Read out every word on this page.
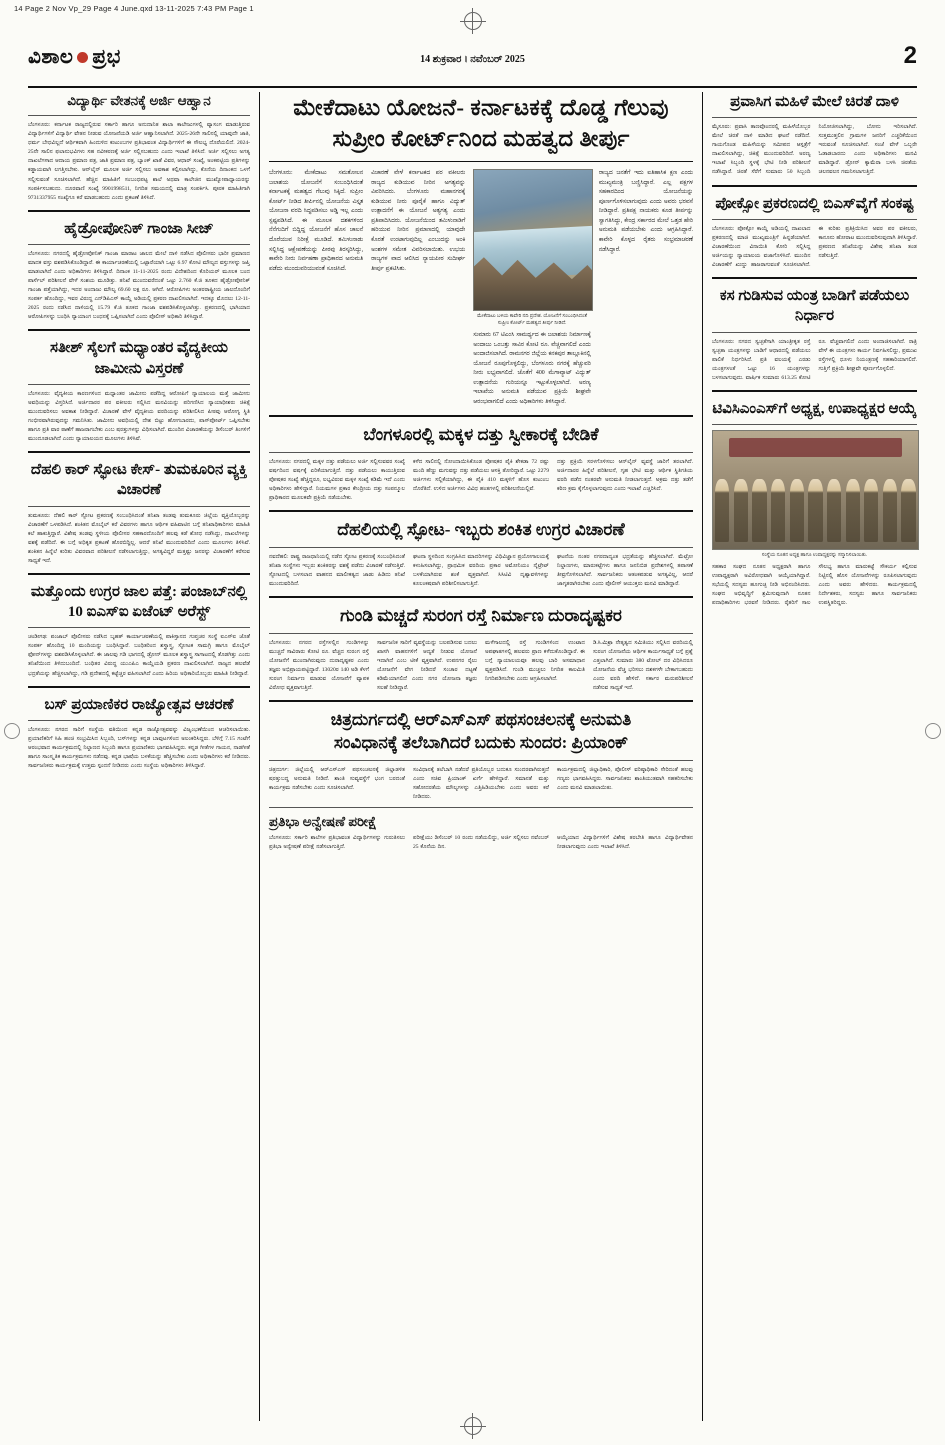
14 Page 2 Nov Vp_29 Page 4 June.qxd 13-11-2025 7:43 PM Page 1
ವಿಶಾಲ ಪ್ರಭ	14 ಶುಕ್ರವಾರ । ನವೆಂಬರ್ 2025	2
ವಿದ್ಯಾರ್ಥಿ ವೇತನಕ್ಕೆ ಅರ್ಜಿ ಆಹ್ವಾನ
ಬೆಂಗಳೂರು: ಕರ್ನಾಟಕ ರಾಜ್ಯದಲ್ಲಿರುವ ಸರ್ಕಾರಿ ಹಾಗೂ ಅನುದಾನಿತ ಶಾಲಾ ಕಾಲೇಜುಗಳಲ್ಲಿ ವ್ಯಾಸಂಗ ಮಾಡುತ್ತಿರುವ ವಿದ್ಯಾರ್ಥಿಗಳಿಗೆ ವಿದ್ಯಾರ್ಥಿ ವೇತನ ನೀಡುವ ಯೋಜನೆಯಡಿ ಅರ್ಜಿ ಆಹ್ವಾನಿಸಲಾಗಿದೆ. 2025-26ನೇ ಸಾಲಿನಲ್ಲಿ ಯಾವುದೇ ಜಾತಿ, ಧರ್ಮ ಬೇಧವಿಲ್ಲದೆ ಆರ್ಥಿಕವಾಗಿ ಹಿಂದುಳಿದ ಕುಟುಂಬಗಳ ಪ್ರತಿಭಾವಂತ ವಿದ್ಯಾರ್ಥಿಗಳಿಗೆ ಈ ಸೌಲಭ್ಯ ದೊರೆಯಲಿದೆ. 2024-25ನೇ ಸಾಲಿನ ಫಲಾನುಭವಿಗಳು ಸಹ ನವೀಕರಣಕ್ಕೆ ಅರ್ಜಿ ಸಲ್ಲಿಸಬಹುದು ಎಂದು ಇಲಾಖೆ ತಿಳಿಸಿದೆ. ಅರ್ಜಿ ಸಲ್ಲಿಸಲು ಅಗತ್ಯ ದಾಖಲೆಗಳಾದ ಆದಾಯ ಪ್ರಮಾಣ ಪತ್ರ, ಜಾತಿ ಪ್ರಮಾಣ ಪತ್ರ, ಬ್ಯಾಂಕ್ ಖಾತೆ ವಿವರ, ಆಧಾರ್ ಸಂಖ್ಯೆ, ಅಂಕಪಟ್ಟಿಯ ಪ್ರತಿಗಳನ್ನು ಕಡ್ಡಾಯವಾಗಿ ಲಗತ್ತಿಸಬೇಕು. ಆನ್‌ಲೈನ್ ಮೂಲಕ ಅರ್ಜಿ ಸಲ್ಲಿಸಲು ಅವಕಾಶ ಕಲ್ಪಿಸಲಾಗಿದ್ದು, ಕೊನೆಯ ದಿನಾಂಕದ ಒಳಗೆ ಸಲ್ಲಿಸುವಂತೆ ಸೂಚಿಸಲಾಗಿದೆ. ಹೆಚ್ಚಿನ ಮಾಹಿತಿಗೆ ಸಂಬಂಧಪಟ್ಟ ಶಾಲೆ ಅಥವಾ ಕಾಲೇಜಿನ ಮುಖ್ಯೋಪಾಧ್ಯಾಯರನ್ನು ಸಂಪರ್ಕಿಸಬಹುದು. ದೂರವಾಣಿ ಸಂಖ್ಯೆ 9901998511, ನಿಗದಿತ ಸಮಯದಲ್ಲಿ ಮಾತ್ರ ಸಂಪರ್ಕಿಸಿ. ಪೂರಕ ಮಾಹಿತಿಗಾಗಿ 9731337955 ಸಂಖ್ಯೆಗೂ ಕರೆ ಮಾಡಬಹುದು ಎಂದು ಪ್ರಕಟಣೆ ತಿಳಿಸಿದೆ.
ಹೈಡ್ರೋಪೋನಿಕ್ ಗಾಂಜಾ ಸೀಜ್
ಬೆಂಗಳೂರು: ನಗರದಲ್ಲಿ ಹೈಡ್ರೋಪೋನಿಕ್ ಗಾಂಜಾ ಮಾರಾಟ ಜಾಲದ ಮೇಲೆ ದಾಳಿ ನಡೆಸಿದ ಪೊಲೀಸರು ಭಾರೀ ಪ್ರಮಾಣದ ಮಾದಕ ವಸ್ತು ವಶಪಡಿಸಿಕೊಂಡಿದ್ದಾರೆ. ಈ ಕಾರ್ಯಾಚರಣೆಯಲ್ಲಿ ಒಟ್ಟಾರೆಯಾಗಿ ಒಟ್ಟು 6.97 ಕೋಟಿ ಮೌಲ್ಯದ ವಸ್ತುಗಳನ್ನು ಜಪ್ತಿ ಮಾಡಲಾಗಿದೆ ಎಂದು ಅಧಿಕಾರಿಗಳು ತಿಳಿಸಿದ್ದಾರೆ. ದಿನಾಂಕ 11-11-2025 ರಂದು ವಿದೇಶದಿಂದ ಕೊರಿಯರ್ ಮೂಲಕ ಬಂದ ಪಾರ್ಸೆಲ್ ಪರಿಶೀಲನೆ ವೇಳೆ ಸಂಶಯ ಮೂಡಿತ್ತು. ತನಿಖೆ ಮುಂದುವರೆದಂತೆ ಒಟ್ಟು 2.760 ಕೆ.ಜಿ ತೂಕದ ಹೈಡ್ರೋಪೋನಿಕ್ ಗಾಂಜಾ ಪತ್ತೆಯಾಗಿದ್ದು, ಇದರ ಅಂದಾಜು ಮೌಲ್ಯ 69.60 ಲಕ್ಷ ರೂ. ಆಗಿದೆ. ಆರೋಪಿಗಳು ಅಂತರರಾಷ್ಟ್ರೀಯ ಜಾಲದೊಂದಿಗೆ ಸಂಪರ್ಕ ಹೊಂದಿದ್ದು, ಇವರ ವಿರುದ್ಧ ಎನ್‌ಡಿಪಿಎಸ್ ಕಾಯ್ದೆ ಅಡಿಯಲ್ಲಿ ಪ್ರಕರಣ ದಾಖಲಿಸಲಾಗಿದೆ. ಇದಕ್ಕೂ ಮೊದಲು 12-11-2025 ರಂದು ನಡೆಸಿದ ದಾಳಿಯಲ್ಲಿ 15.79 ಕೆ.ಜಿ ತೂಕದ ಗಾಂಜಾ ವಶಪಡಿಸಿಕೊಳ್ಳಲಾಗಿತ್ತು. ಪ್ರಕರಣದಲ್ಲಿ ಭಾಗಿಯಾದ ಆರೋಪಿಗಳನ್ನು ಬಂಧಿಸಿ ನ್ಯಾಯಾಂಗ ಬಂಧನಕ್ಕೆ ಒಪ್ಪಿಸಲಾಗಿದೆ ಎಂದು ಪೊಲೀಸ್ ಅಧಿಕಾರಿ ತಿಳಿಸಿದ್ದಾರೆ.
ಸತೀಶ್ ಸೈಲಗೆ ಮಧ್ಯಾಂತರ ವೈದ್ಯಕೀಯ ಜಾಮೀನು ವಿಸ್ತರಣೆ
ಬೆಂಗಳೂರು: ವೈದ್ಯಕೀಯ ಕಾರಣಗಳಿಂದ ಮಧ್ಯಾಂತರ ಜಾಮೀನು ಪಡೆದಿದ್ದ ಆರೋಪಿಗೆ ನ್ಯಾಯಾಲಯ ಮತ್ತೆ ಜಾಮೀನು ಅವಧಿಯನ್ನು ವಿಸ್ತರಿಸಿದೆ. ಅರ್ಜಿದಾರರ ಪರ ವಕೀಲರು ಸಲ್ಲಿಸಿದ ಮನವಿಯನ್ನು ಪರಿಗಣಿಸಿದ ನ್ಯಾಯಾಧೀಶರು ಚಿಕಿತ್ಸೆ ಮುಂದುವರಿಸಲು ಅವಕಾಶ ನೀಡಿದ್ದಾರೆ. ವಿಚಾರಣೆ ವೇಳೆ ವೈದ್ಯಕೀಯ ವರದಿಯನ್ನು ಪರಿಶೀಲಿಸಿದ ಪೀಠವು ಆರೋಗ್ಯ ಸ್ಥಿತಿ ಗಂಭೀರವಾಗಿರುವುದನ್ನು ಗಮನಿಸಿತು. ಜಾಮೀನು ಅವಧಿಯಲ್ಲಿ ದೇಶ ಬಿಟ್ಟು ಹೋಗಬಾರದು, ಪಾಸ್‌ಪೋರ್ಟ್ ಒಪ್ಪಿಸಬೇಕು ಹಾಗೂ ಪ್ರತಿ ವಾರ ಠಾಣೆಗೆ ಹಾಜರಾಗಬೇಕು ಎಂಬ ಷರತ್ತುಗಳನ್ನು ವಿಧಿಸಲಾಗಿದೆ. ಮುಂದಿನ ವಿಚಾರಣೆಯನ್ನು ಡಿಸೆಂಬರ್ ತಿಂಗಳಿಗೆ ಮುಂದೂಡಲಾಗಿದೆ ಎಂದು ನ್ಯಾಯಾಲಯದ ಮೂಲಗಳು ತಿಳಿಸಿವೆ.
ದೆಹಲಿ ಕಾರ್ ಸ್ಫೋಟ ಕೇಸ್- ತುಮಕೂರಿನ ವ್ಯಕ್ತಿ ವಿಚಾರಣೆ
ತುಮಕೂರು: ದೆಹಲಿ ಕಾರ್ ಸ್ಫೋಟ ಪ್ರಕರಣಕ್ಕೆ ಸಂಬಂಧಿಸಿದಂತೆ ತನಿಖಾ ತಂಡವು ತುಮಕೂರು ಜಿಲ್ಲೆಯ ವ್ಯಕ್ತಿಯೊಬ್ಬರನ್ನು ವಿಚಾರಣೆಗೆ ಒಳಪಡಿಸಿದೆ. ಶಂಕಿತನ ಮೊಬೈಲ್ ಕರೆ ವಿವರಗಳು ಹಾಗೂ ಆರ್ಥಿಕ ವಹಿವಾಟಿನ ಬಗ್ಗೆ ತನಿಖಾಧಿಕಾರಿಗಳು ಮಾಹಿತಿ ಕಲೆ ಹಾಕುತ್ತಿದ್ದಾರೆ. ವಿಶೇಷ ತಂಡವು ಸ್ಥಳೀಯ ಪೊಲೀಸರ ಸಹಕಾರದೊಂದಿಗೆ ಹಲವು ಕಡೆ ಶೋಧ ನಡೆಸಿದ್ದು, ದಾಖಲೆಗಳನ್ನು ವಶಕ್ಕೆ ಪಡೆದಿದೆ. ಈ ಬಗ್ಗೆ ಅಧಿಕೃತ ಪ್ರಕಟಣೆ ಹೊರಬಿದ್ದಿಲ್ಲ. ಆದರೆ ತನಿಖೆ ಮುಂದುವರಿದಿದೆ ಎಂದು ಮೂಲಗಳು ತಿಳಿಸಿವೆ. ಶಂಕಿತನ ಹಿನ್ನೆಲೆ ಕುರಿತು ವಿವರವಾದ ಪರಿಶೀಲನೆ ನಡೆಸಲಾಗುತ್ತಿದ್ದು, ಅಗತ್ಯವಿದ್ದರೆ ಮತ್ತಷ್ಟು ಜನರನ್ನು ವಿಚಾರಣೆಗೆ ಕರೆಸುವ ಸಾಧ್ಯತೆ ಇದೆ.
ಮತ್ತೊಂದು ಉಗ್ರರ ಜಾಲ ಪತ್ತೆ: ಪಂಜಾಬ್‌ನಲ್ಲಿ 10 ಐಎಸ್‌ಐ ಏಜೆಂಟ್ ಅರೆಸ್ಟ್
ಚಂಡೀಗಢ: ಪಂಜಾಬ್ ಪೊಲೀಸರು ನಡೆಸಿದ ಬೃಹತ್ ಕಾರ್ಯಾಚರಣೆಯಲ್ಲಿ ಪಾಕಿಸ್ತಾನದ ಗುಪ್ತಚರ ಸಂಸ್ಥೆ ಐಎಸ್‌ಐ ಜೊತೆ ಸಂಪರ್ಕ ಹೊಂದಿದ್ದ 10 ಮಂದಿಯನ್ನು ಬಂಧಿಸಿದ್ದಾರೆ. ಬಂಧಿತರಿಂದ ಶಸ್ತ್ರಾಸ್ತ್ರ, ಸ್ಫೋಟಕ ಸಾಮಗ್ರಿ ಹಾಗೂ ಮೊಬೈಲ್ ಫೋನ್‌ಗಳನ್ನು ವಶಪಡಿಸಿಕೊಳ್ಳಲಾಗಿದೆ. ಈ ಜಾಲವು ಗಡಿ ಭಾಗದಲ್ಲಿ ಡ್ರೋನ್ ಮೂಲಕ ಶಸ್ತ್ರಾಸ್ತ್ರ ಸಾಗಾಟದಲ್ಲಿ ತೊಡಗಿತ್ತು ಎಂದು ತನಿಖೆಯಿಂದ ತಿಳಿದುಬಂದಿದೆ. ಬಂಧಿತರ ವಿರುದ್ಧ ಯುಎಪಿಎ ಕಾಯ್ದೆಯಡಿ ಪ್ರಕರಣ ದಾಖಲಿಸಲಾಗಿದೆ. ರಾಜ್ಯದ ಹಲವೆಡೆ ಭದ್ರತೆಯನ್ನು ಹೆಚ್ಚಿಸಲಾಗಿದ್ದು, ಗಡಿ ಪ್ರದೇಶದಲ್ಲಿ ಕಟ್ಟೆಚ್ಚರ ವಹಿಸಲಾಗಿದೆ ಎಂದು ಹಿರಿಯ ಅಧಿಕಾರಿಯೊಬ್ಬರು ಮಾಹಿತಿ ನೀಡಿದ್ದಾರೆ.
ಬಸ್ ಪ್ರಯಾಣಿಕರ ರಾಜ್ಯೋತ್ಸವ ಆಚರಣೆ
ಬೆಂಗಳೂರು: ನಗರದ ಸಾರಿಗೆ ಸಂಸ್ಥೆಯ ವತಿಯಿಂದ ಕನ್ನಡ ರಾಜ್ಯೋತ್ಸವವನ್ನು ವಿಜೃಂಭಣೆಯಿಂದ ಆಚರಿಸಲಾಯಿತು. ಪ್ರಯಾಣಿಕರಿಗೆ ಸಿಹಿ ಹಂಚಿ ಸಂಭ್ರಮಿಸಿದ ಸಿಬ್ಬಂದಿ, ಬಸ್‌ಗಳನ್ನು ಕನ್ನಡ ಬಾವುಟಗಳಿಂದ ಅಲಂಕರಿಸಿದ್ದರು. ಬೆಳಿಗ್ಗೆ 7.15 ಗಂಟೆಗೆ ಆರಂಭವಾದ ಕಾರ್ಯಕ್ರಮದಲ್ಲಿ ನಿಲ್ದಾಣದ ಸಿಬ್ಬಂದಿ ಹಾಗೂ ಪ್ರಯಾಣಿಕರು ಭಾಗವಹಿಸಿದ್ದರು. ಕನ್ನಡ ಗೀತೆಗಳ ಗಾಯನ, ನಾಡಗೀತೆ ಹಾಗೂ ಸಾಂಸ್ಕೃತಿಕ ಕಾರ್ಯಕ್ರಮಗಳು ನಡೆದವು. ಕನ್ನಡ ಭಾಷೆಯ ಬಳಕೆಯನ್ನು ಹೆಚ್ಚಿಸಬೇಕು ಎಂದು ಅಧಿಕಾರಿಗಳು ಕರೆ ನೀಡಿದರು. ಸಾರ್ವಜನಿಕರು ಕಾರ್ಯಕ್ರಮಕ್ಕೆ ಉತ್ತಮ ಸ್ಪಂದನೆ ನೀಡಿದರು ಎಂದು ಸಂಸ್ಥೆಯ ಅಧಿಕಾರಿಗಳು ತಿಳಿಸಿದ್ದಾರೆ.
ಮೇಕೆದಾಟು ಯೋಜನೆ- ಕರ್ನಾಟಕಕ್ಕೆ ದೊಡ್ಡ ಗೆಲುವು
ಸುಪ್ರೀಂ ಕೋರ್ಟ್‌ನಿಂದ ಮಹತ್ವದ ತೀರ್ಪು
ಬೆಂಗಳೂರು: ಮೇಕೆದಾಟು ಸಮತೋಲನ ಜಲಾಶಯ ಯೋಜನೆಗೆ ಸಂಬಂಧಿಸಿದಂತೆ ಕರ್ನಾಟಕಕ್ಕೆ ಮಹತ್ವದ ಗೆಲುವು ಸಿಕ್ಕಿದೆ. ಸುಪ್ರೀಂ ಕೋರ್ಟ್ ನೀಡಿದ ತೀರ್ಪಿನಲ್ಲಿ ಯೋಜನೆಯ ವಿಸ್ತೃತ ಯೋಜನಾ ವರದಿ ಸಿದ್ಧಪಡಿಸಲು ಅಡ್ಡಿ ಇಲ್ಲ ಎಂದು ಸ್ಪಷ್ಟಪಡಿಸಿದೆ. ಈ ಮೂಲಕ ದಶಕಗಳಿಂದ ನೆನೆಗುದಿಗೆ ಬಿದ್ದಿದ್ದ ಯೋಜನೆಗೆ ಹೊಸ ಚಾಲನೆ ದೊರೆಯುವ ನಿರೀಕ್ಷೆ ಮೂಡಿದೆ. ತಮಿಳುನಾಡು ಸಲ್ಲಿಸಿದ್ದ ಆಕ್ಷೇಪಣೆಯನ್ನು ಪೀಠವು ತಿರಸ್ಕರಿಸಿದ್ದು, ಕಾವೇರಿ ನೀರು ನಿರ್ವಹಣಾ ಪ್ರಾಧಿಕಾರದ ಅನುಮತಿ ಪಡೆದು ಮುಂದುವರಿಯುವಂತೆ ಸೂಚಿಸಿದೆ.
ವಿಚಾರಣೆ ವೇಳೆ ಕರ್ನಾಟಕದ ಪರ ವಕೀಲರು ರಾಜ್ಯದ ಕುಡಿಯುವ ನೀರಿನ ಅಗತ್ಯವನ್ನು ವಿವರಿಸಿದರು. ಬೆಂಗಳೂರು ಮಹಾನಗರಕ್ಕೆ ಕುಡಿಯುವ ನೀರು ಪೂರೈಕೆ ಹಾಗೂ ವಿದ್ಯುತ್ ಉತ್ಪಾದನೆಗೆ ಈ ಯೋಜನೆ ಅತ್ಯಗತ್ಯ ಎಂದು ಪ್ರತಿಪಾದಿಸಿದರು. ಯೋಜನೆಯಿಂದ ತಮಿಳುನಾಡಿಗೆ ಹರಿಯುವ ನೀರಿನ ಪ್ರಮಾಣದಲ್ಲಿ ಯಾವುದೇ ಕೊರತೆ ಉಂಟಾಗುವುದಿಲ್ಲ ಎಂಬುದನ್ನು ಅಂಕಿ ಅಂಶಗಳ ಸಮೇತ ವಿವರಿಸಲಾಯಿತು. ಉಭಯ ರಾಜ್ಯಗಳ ವಾದ ಆಲಿಸಿದ ನ್ಯಾಯಪೀಠ ಸುದೀರ್ಘ ತೀರ್ಪು ಪ್ರಕಟಿಸಿತು.
ಮೇಕೆದಾಟು ಬಳಿಯ ಕಾವೇರಿ ನದಿ ಪ್ರದೇಶ. ಯೋಜನೆಗೆ ಸಂಬಂಧಿಸಿದಂತೆ ಸುಪ್ರೀಂ ಕೋರ್ಟ್ ಮಹತ್ವದ ತೀರ್ಪು ನೀಡಿದೆ.
ಸುಮಾರು 67 ಟಿಎಂಸಿ ಸಾಮರ್ಥ್ಯದ ಈ ಜಲಾಶಯ ನಿರ್ಮಾಣಕ್ಕೆ ಅಂದಾಜು ಒಂಬತ್ತು ಸಾವಿರ ಕೋಟಿ ರೂ. ವೆಚ್ಚವಾಗಲಿದೆ ಎಂದು ಅಂದಾಜಿಸಲಾಗಿದೆ. ರಾಮನಗರ ಜಿಲ್ಲೆಯ ಕನಕಪುರ ತಾಲ್ಲೂಕಿನಲ್ಲಿ ಯೋಜನೆ ರೂಪುಗೊಳ್ಳಲಿದ್ದು, ಬೆಂಗಳೂರು ನಗರಕ್ಕೆ ಹೆಚ್ಚುವರಿ ನೀರು ಲಭ್ಯವಾಗಲಿದೆ. ಜೊತೆಗೆ 400 ಮೆಗಾವ್ಯಾಟ್ ವಿದ್ಯುತ್ ಉತ್ಪಾದನೆಯ ಗುರಿಯನ್ನೂ ಇಟ್ಟುಕೊಳ್ಳಲಾಗಿದೆ. ಅರಣ್ಯ ಇಲಾಖೆಯ ಅನುಮತಿ ಪಡೆಯುವ ಪ್ರಕ್ರಿಯೆ ಶೀಘ್ರವೇ ಆರಂಭವಾಗಲಿದೆ ಎಂದು ಅಧಿಕಾರಿಗಳು ತಿಳಿಸಿದ್ದಾರೆ.
ರಾಜ್ಯದ ಜನತೆಗೆ ಇದು ಐತಿಹಾಸಿಕ ಕ್ಷಣ ಎಂದು ಮುಖ್ಯಮಂತ್ರಿ ಬಣ್ಣಿಸಿದ್ದಾರೆ. ಎಲ್ಲ ಪಕ್ಷಗಳ ಸಹಕಾರದಿಂದ ಯೋಜನೆಯನ್ನು ಪೂರ್ಣಗೊಳಿಸಲಾಗುವುದು ಎಂದು ಅವರು ಭರವಸೆ ನೀಡಿದ್ದಾರೆ. ಪ್ರತಿಪಕ್ಷ ನಾಯಕರು ಕೂಡ ತೀರ್ಪನ್ನು ಸ್ವಾಗತಿಸಿದ್ದು, ಕೇಂದ್ರ ಸರ್ಕಾರದ ಮೇಲೆ ಒತ್ತಡ ಹೇರಿ ಅನುಮತಿ ಪಡೆಯಬೇಕು ಎಂದು ಆಗ್ರಹಿಸಿದ್ದಾರೆ. ಕಾವೇರಿ ಕೊಳ್ಳದ ರೈತರು ಸಂಭ್ರಮಾಚರಣೆ ನಡೆಸಿದ್ದಾರೆ.
ಬೆಂಗಳೂರಲ್ಲಿ ಮಕ್ಕಳ ದತ್ತು ಸ್ವೀಕಾರಕ್ಕೆ ಬೇಡಿಕೆ
ಬೆಂಗಳೂರು: ನಗರದಲ್ಲಿ ಮಕ್ಕಳ ದತ್ತು ಪಡೆಯಲು ಅರ್ಜಿ ಸಲ್ಲಿಸುವವರ ಸಂಖ್ಯೆ ವರ್ಷದಿಂದ ವರ್ಷಕ್ಕೆ ಏರಿಕೆಯಾಗುತ್ತಿದೆ. ದತ್ತು ಪಡೆಯಲು ಕಾಯುತ್ತಿರುವ ಪೋಷಕರ ಸಂಖ್ಯೆ ಹೆಚ್ಚಿದ್ದರೂ, ಲಭ್ಯವಿರುವ ಮಕ್ಕಳ ಸಂಖ್ಯೆ ಕಡಿಮೆ ಇದೆ ಎಂದು ಅಧಿಕಾರಿಗಳು ಹೇಳಿದ್ದಾರೆ. ನಿಯಮಗಳ ಪ್ರಕಾರ ಕೇಂದ್ರೀಯ ದತ್ತು ಸಂಪನ್ಮೂಲ ಪ್ರಾಧಿಕಾರದ ಮೂಲಕವೇ ಪ್ರಕ್ರಿಯೆ ನಡೆಯಬೇಕು.
ಕಳೆದ ಸಾಲಿನಲ್ಲಿ ನೋಂದಾಯಿಸಿಕೊಂಡ ಪೋಷಕರ ಪೈಕಿ ಶೇಕಡಾ 72 ರಷ್ಟು ಮಂದಿ ಹೆಣ್ಣು ಮಗುವನ್ನು ದತ್ತು ಪಡೆಯಲು ಆಸಕ್ತಿ ತೋರಿದ್ದಾರೆ. ಒಟ್ಟು 2279 ಅರ್ಜಿಗಳು ಸಲ್ಲಿಕೆಯಾಗಿದ್ದು, ಈ ಪೈಕಿ 410 ಮಕ್ಕಳಿಗೆ ಹೊಸ ಕುಟುಂಬ ದೊರೆತಿದೆ. ಉಳಿದ ಅರ್ಜಿಗಳು ವಿವಿಧ ಹಂತಗಳಲ್ಲಿ ಪರಿಶೀಲನೆಯಲ್ಲಿವೆ.
ದತ್ತು ಪ್ರಕ್ರಿಯೆ ಸರಳಗೊಳಿಸಲು ಆನ್‌ಲೈನ್ ವ್ಯವಸ್ಥೆ ಜಾರಿಗೆ ತರಲಾಗಿದೆ. ಅರ್ಜಿದಾರರ ಹಿನ್ನೆಲೆ ಪರಿಶೀಲನೆ, ಗೃಹ ಭೇಟಿ ಮತ್ತು ಆರ್ಥಿಕ ಸ್ಥಿತಿಗತಿಯ ವರದಿ ಪಡೆದ ನಂತರವೇ ಅನುಮತಿ ನೀಡಲಾಗುತ್ತದೆ. ಅಕ್ರಮ ದತ್ತು ತಡೆಗೆ ಕಠಿಣ ಕ್ರಮ ಕೈಗೊಳ್ಳಲಾಗುವುದು ಎಂದು ಇಲಾಖೆ ಎಚ್ಚರಿಸಿದೆ.
ದೆಹಲಿಯಲ್ಲಿ ಸ್ಫೋಟ- ಇಬ್ಬರು ಶಂಕಿತ ಉಗ್ರರ ವಿಚಾರಣೆ
ನವದೆಹಲಿ: ರಾಷ್ಟ್ರ ರಾಜಧಾನಿಯಲ್ಲಿ ನಡೆದ ಸ್ಫೋಟ ಪ್ರಕರಣಕ್ಕೆ ಸಂಬಂಧಿಸಿದಂತೆ ತನಿಖಾ ಸಂಸ್ಥೆಗಳು ಇಬ್ಬರು ಶಂಕಿತರನ್ನು ವಶಕ್ಕೆ ಪಡೆದು ವಿಚಾರಣೆ ನಡೆಸುತ್ತಿವೆ. ಸ್ಫೋಟದಲ್ಲಿ ಬಳಸಲಾದ ವಾಹನದ ಮಾಲೀಕತ್ವದ ಜಾಡು ಹಿಡಿದು ತನಿಖೆ ಮುಂದುವರಿದಿದೆ.
ಘಟನಾ ಸ್ಥಳದಿಂದ ಸಂಗ್ರಹಿಸಿದ ಮಾದರಿಗಳನ್ನು ವಿಧಿವಿಜ್ಞಾನ ಪ್ರಯೋಗಾಲಯಕ್ಕೆ ಕಳುಹಿಸಲಾಗಿದ್ದು, ಪ್ರಾಥಮಿಕ ವರದಿಯ ಪ್ರಕಾರ ಅಮೋನಿಯಂ ನೈಟ್ರೇಟ್ ಬಳಕೆಯಾಗಿರುವ ಶಂಕೆ ವ್ಯಕ್ತವಾಗಿದೆ. ಸಿಸಿಟಿವಿ ದೃಶ್ಯಾವಳಿಗಳನ್ನು ಕೂಲಂಕಷವಾಗಿ ಪರಿಶೀಲಿಸಲಾಗುತ್ತಿದೆ.
ಘಟನೆಯ ನಂತರ ನಗರದಾದ್ಯಂತ ಭದ್ರತೆಯನ್ನು ಹೆಚ್ಚಿಸಲಾಗಿದೆ. ಮೆಟ್ರೋ ನಿಲ್ದಾಣಗಳು, ಮಾರುಕಟ್ಟೆಗಳು ಹಾಗೂ ಜನನಿಬಿಡ ಪ್ರದೇಶಗಳಲ್ಲಿ ತಪಾಸಣೆ ತೀವ್ರಗೊಳಿಸಲಾಗಿದೆ. ಸಾರ್ವಜನಿಕರು ಆತಂಕಪಡುವ ಅಗತ್ಯವಿಲ್ಲ, ಆದರೆ ಜಾಗೃತರಾಗಿರಬೇಕು ಎಂದು ಪೊಲೀಸ್ ಆಯುಕ್ತರು ಮನವಿ ಮಾಡಿದ್ದಾರೆ.
ಗುಂಡಿ ಮಚ್ಚದೆ ಸುರಂಗ ರಸ್ತೆ ನಿರ್ಮಾಣ ದುರಾದೃಷ್ಟಕರ
ಬೆಂಗಳೂರು: ನಗರದ ರಸ್ತೆಗಳಲ್ಲಿನ ಗುಂಡಿಗಳನ್ನು ಮುಚ್ಚದೆ ಸಾವಿರಾರು ಕೋಟಿ ರೂ. ವೆಚ್ಚದ ಸುರಂಗ ರಸ್ತೆ ಯೋಜನೆಗೆ ಮುಂದಾಗಿರುವುದು ದುರಾದೃಷ್ಟಕರ ಎಂದು ತಜ್ಞರು ಅಭಿಪ್ರಾಯಪಟ್ಟಿದ್ದಾರೆ. 13020ರ 140 ಅಡಿ ಕೆಳಗೆ ಸುರಂಗ ನಿರ್ಮಾಣ ಮಾಡುವ ಯೋಜನೆಗೆ ವ್ಯಾಪಕ ವಿರೋಧ ವ್ಯಕ್ತವಾಗುತ್ತಿದೆ.
ಸಾರ್ವಜನಿಕ ಸಾರಿಗೆ ವ್ಯವಸ್ಥೆಯನ್ನು ಬಲಪಡಿಸುವ ಬದಲು ಖಾಸಗಿ ವಾಹನಗಳಿಗೆ ಆದ್ಯತೆ ನೀಡುವ ಯೋಜನೆ ಇದಾಗಿದೆ ಎಂಬ ಟೀಕೆ ವ್ಯಕ್ತವಾಗಿದೆ. ಉಪನಗರ ರೈಲು ಯೋಜನೆಗೆ ವೇಗ ನೀಡಿದರೆ ಸಂಚಾರ ದಟ್ಟಣೆ ಕಡಿಮೆಯಾಗಲಿದೆ ಎಂದು ನಗರ ಯೋಜನಾ ತಜ್ಞರು ಸಲಹೆ ನೀಡಿದ್ದಾರೆ.
ಮಳೆಗಾಲದಲ್ಲಿ ರಸ್ತೆ ಗುಂಡಿಗಳಿಂದ ಉಂಟಾದ ಅಪಘಾತಗಳಲ್ಲಿ ಹಲವರು ಪ್ರಾಣ ಕಳೆದುಕೊಂಡಿದ್ದಾರೆ. ಈ ಬಗ್ಗೆ ನ್ಯಾಯಾಲಯವೂ ಹಲವು ಬಾರಿ ಅಸಮಾಧಾನ ವ್ಯಕ್ತಪಡಿಸಿದೆ. ಗುಂಡಿ ಮುಚ್ಚಲು ನಿಗದಿತ ಕಾಲಮಿತಿ ನಿಗದಿಪಡಿಸಬೇಕು ಎಂದು ಆಗ್ರಹಿಸಲಾಗಿದೆ.
ಡಿ.ಸಿ.ಮಿಶ್ರಾ ನೇತೃತ್ವದ ಸಮಿತಿಯು ಸಲ್ಲಿಸಿದ ವರದಿಯಲ್ಲಿ ಸುರಂಗ ಯೋಜನೆಯ ಆರ್ಥಿಕ ಕಾರ್ಯಸಾಧ್ಯತೆ ಬಗ್ಗೆ ಪ್ರಶ್ನೆ ಎತ್ತಲಾಗಿದೆ. ಸುಮಾರು 380 ಟೋಲ್ ದರ ವಿಧಿಸಿದರೂ ಯೋಜನೆಯ ವೆಚ್ಚ ಭರಿಸಲು ದಶಕಗಳೇ ಬೇಕಾಗಬಹುದು ಎಂದು ವರದಿ ಹೇಳಿದೆ. ಸರ್ಕಾರ ಮರುಪರಿಶೀಲನೆ ನಡೆಸುವ ಸಾಧ್ಯತೆ ಇದೆ.
ಚಿತ್ರದುರ್ಗದಲ್ಲಿ ಆರ್‌ಎಸ್‌ಎಸ್ ಪಥಸಂಚಲನಕ್ಕೆ ಅನುಮತಿ
ಸಂವಿಧಾನಕ್ಕೆ ತಲೆಬಾಗಿದರೆ ಬದುಕು ಸುಂದರ: ಪ್ರಿಯಾಂಕ್
ಚಿತ್ರದುರ್ಗ: ಜಿಲ್ಲೆಯಲ್ಲಿ ಆರ್‌ಎಸ್‌ಎಸ್ ಪಥಸಂಚಲನಕ್ಕೆ ಜಿಲ್ಲಾಡಳಿತ ಷರತ್ತುಬದ್ಧ ಅನುಮತಿ ನೀಡಿದೆ. ಶಾಂತಿ ಸುವ್ಯವಸ್ಥೆಗೆ ಭಂಗ ಬರದಂತೆ ಕಾರ್ಯಕ್ರಮ ನಡೆಸಬೇಕು ಎಂದು ಸೂಚಿಸಲಾಗಿದೆ.
ಸಂವಿಧಾನಕ್ಕೆ ತಲೆಬಾಗಿ ನಡೆದರೆ ಪ್ರತಿಯೊಬ್ಬರ ಬದುಕೂ ಸುಂದರವಾಗಿರುತ್ತದೆ ಎಂದು ಸಚಿವ ಪ್ರಿಯಾಂಕ್ ಖರ್ಗೆ ಹೇಳಿದ್ದಾರೆ. ಸಮಾನತೆ ಮತ್ತು ಸಹೋದರತೆಯ ಮೌಲ್ಯಗಳನ್ನು ಎತ್ತಿಹಿಡಿಯಬೇಕು ಎಂದು ಅವರು ಕರೆ ನೀಡಿದರು.
ಕಾರ್ಯಕ್ರಮದಲ್ಲಿ ಜಿಲ್ಲಾಧಿಕಾರಿ, ಪೊಲೀಸ್ ವರಿಷ್ಠಾಧಿಕಾರಿ ಸೇರಿದಂತೆ ಹಲವು ಗಣ್ಯರು ಭಾಗವಹಿಸಿದ್ದರು. ಸಾರ್ವಜನಿಕರು ಶಾಂತಿಯುತವಾಗಿ ಸಹಕರಿಸಬೇಕು ಎಂದು ಮನವಿ ಮಾಡಲಾಯಿತು.
ಪ್ರತಿಭಾ ಅನ್ವೇಷಣೆ ಪರೀಕ್ಷೆ
ಬೆಂಗಳೂರು: ಸರ್ಕಾರಿ ಶಾಲೆಗಳ ಪ್ರತಿಭಾವಂತ ವಿದ್ಯಾರ್ಥಿಗಳನ್ನು ಗುರುತಿಸಲು ಪ್ರತಿಭಾ ಅನ್ವೇಷಣೆ ಪರೀಕ್ಷೆ ನಡೆಸಲಾಗುತ್ತಿದೆ.
ಪರೀಕ್ಷೆಯು ಡಿಸೆಂಬರ್ 10 ರಂದು ನಡೆಯಲಿದ್ದು, ಅರ್ಜಿ ಸಲ್ಲಿಸಲು ನವೆಂಬರ್ 25 ಕೊನೆಯ ದಿನ.
ಆಯ್ಕೆಯಾದ ವಿದ್ಯಾರ್ಥಿಗಳಿಗೆ ವಿಶೇಷ ತರಬೇತಿ ಹಾಗೂ ವಿದ್ಯಾರ್ಥಿವೇತನ ನೀಡಲಾಗುವುದು ಎಂದು ಇಲಾಖೆ ತಿಳಿಸಿದೆ.
ಪ್ರವಾಸಿಗ ಮಹಿಳೆ ಮೇಲೆ ಚಿರತೆ ದಾಳಿ
ಮೈಸೂರು: ಪ್ರವಾಸಿ ತಾಣವೊಂದರಲ್ಲಿ ಮಹಿಳೆಯೊಬ್ಬರ ಮೇಲೆ ಚಿರತೆ ದಾಳಿ ಮಾಡಿದ ಘಟನೆ ನಡೆದಿದೆ. ಗಾಯಗೊಂಡ ಮಹಿಳೆಯನ್ನು ಸಮೀಪದ ಆಸ್ಪತ್ರೆಗೆ ದಾಖಲಿಸಲಾಗಿದ್ದು, ಚಿಕಿತ್ಸೆ ಮುಂದುವರಿದಿದೆ. ಅರಣ್ಯ ಇಲಾಖೆ ಸಿಬ್ಬಂದಿ ಸ್ಥಳಕ್ಕೆ ಭೇಟಿ ನೀಡಿ ಪರಿಶೀಲನೆ ನಡೆಸಿದ್ದಾರೆ. ಚಿರತೆ ಸೆರೆಗೆ ಸುಮಾರು 50 ಸಿಬ್ಬಂದಿ ನಿಯೋಜಿಸಲಾಗಿದ್ದು, ಬೋನು ಇರಿಸಲಾಗಿದೆ. ಸುತ್ತಮುತ್ತಲಿನ ಗ್ರಾಮಗಳ ಜನರಿಗೆ ಎಚ್ಚರಿಕೆಯಿಂದ ಇರುವಂತೆ ಸೂಚಿಸಲಾಗಿದೆ. ಸಂಜೆ ವೇಳೆ ಒಬ್ಬರೇ ಓಡಾಡಬಾರದು ಎಂದು ಅಧಿಕಾರಿಗಳು ಮನವಿ ಮಾಡಿದ್ದಾರೆ. ಡ್ರೋನ್ ಕ್ಯಾಮೆರಾ ಬಳಸಿ ಚಿರತೆಯ ಚಲನವಲನ ಗಮನಿಸಲಾಗುತ್ತಿದೆ.
ಪೋಕ್ಸೋ ಪ್ರಕರಣದಲ್ಲಿ ಬಿಎಸ್‌ವೈಗೆ ಸಂಕಷ್ಟ
ಬೆಂಗಳೂರು: ಪೋಕ್ಸೋ ಕಾಯ್ದೆ ಅಡಿಯಲ್ಲಿ ದಾಖಲಾದ ಪ್ರಕರಣದಲ್ಲಿ ಮಾಜಿ ಮುಖ್ಯಮಂತ್ರಿಗೆ ಹಿನ್ನಡೆಯಾಗಿದೆ. ವಿಚಾರಣೆಯಿಂದ ವಿನಾಯಿತಿ ಕೋರಿ ಸಲ್ಲಿಸಿದ್ದ ಅರ್ಜಿಯನ್ನು ನ್ಯಾಯಾಲಯ ವಜಾಗೊಳಿಸಿದೆ. ಮುಂದಿನ ವಿಚಾರಣೆಗೆ ಖುದ್ದು ಹಾಜರಾಗುವಂತೆ ಸೂಚಿಸಲಾಗಿದೆ. ಈ ಕುರಿತು ಪ್ರತಿಕ್ರಿಯಿಸಿದ ಅವರ ಪರ ವಕೀಲರು, ಕಾನೂನು ಹೋರಾಟ ಮುಂದುವರಿಸುವುದಾಗಿ ತಿಳಿಸಿದ್ದಾರೆ. ಪ್ರಕರಣದ ತನಿಖೆಯನ್ನು ವಿಶೇಷ ತನಿಖಾ ತಂಡ ನಡೆಸುತ್ತಿದೆ.
ಕಸ ಗುಡಿಸುವ ಯಂತ್ರ ಬಾಡಿಗೆ ಪಡೆಯಲು ನಿರ್ಧಾರ
ಬೆಂಗಳೂರು: ನಗರದ ಸ್ವಚ್ಛತೆಗಾಗಿ ಯಾಂತ್ರೀಕೃತ ರಸ್ತೆ ಸ್ವಚ್ಛತಾ ಯಂತ್ರಗಳನ್ನು ಬಾಡಿಗೆ ಆಧಾರದಲ್ಲಿ ಪಡೆಯಲು ಪಾಲಿಕೆ ನಿರ್ಧರಿಸಿದೆ. ಪ್ರತಿ ವಲಯಕ್ಕೆ ಎರಡು ಯಂತ್ರಗಳಂತೆ ಒಟ್ಟು 16 ಯಂತ್ರಗಳನ್ನು ಬಳಸಲಾಗುವುದು. ವಾರ್ಷಿಕ ಸುಮಾರು 613.25 ಕೋಟಿ ರೂ. ವೆಚ್ಚವಾಗಲಿದೆ ಎಂದು ಅಂದಾಜಿಸಲಾಗಿದೆ. ರಾತ್ರಿ ವೇಳೆ ಈ ಯಂತ್ರಗಳು ಕಾರ್ಯ ನಿರ್ವಹಿಸಲಿದ್ದು, ಪ್ರಮುಖ ರಸ್ತೆಗಳಲ್ಲಿ ಧೂಳು ನಿಯಂತ್ರಣಕ್ಕೆ ಸಹಕಾರಿಯಾಗಲಿದೆ. ಗುತ್ತಿಗೆ ಪ್ರಕ್ರಿಯೆ ಶೀಘ್ರವೇ ಪೂರ್ಣಗೊಳ್ಳಲಿದೆ.
ಟಿವಿಸಿಎಂಎಸ್‌ಗೆ ಅಧ್ಯಕ್ಷ, ಉಪಾಧ್ಯಕ್ಷರ ಆಯ್ಕೆ
ಸಂಸ್ಥೆಯ ನೂತನ ಅಧ್ಯಕ್ಷ ಹಾಗೂ ಉಪಾಧ್ಯಕ್ಷರನ್ನು ಸನ್ಮಾನಿಸಲಾಯಿತು.
ಸಹಕಾರ ಸಂಘದ ನೂತನ ಅಧ್ಯಕ್ಷರಾಗಿ ಹಾಗೂ ಉಪಾಧ್ಯಕ್ಷರಾಗಿ ಅವಿರೋಧವಾಗಿ ಆಯ್ಕೆಯಾಗಿದ್ದಾರೆ. ಸಭೆಯಲ್ಲಿ ಸದಸ್ಯರು ಹೂಗುಚ್ಛ ನೀಡಿ ಅಭಿನಂದಿಸಿದರು. ಸಂಘದ ಅಭಿವೃದ್ಧಿಗೆ ಶ್ರಮಿಸುವುದಾಗಿ ನೂತನ ಪದಾಧಿಕಾರಿಗಳು ಭರವಸೆ ನೀಡಿದರು. ರೈತರಿಗೆ ಸಾಲ ಸೌಲಭ್ಯ ಹಾಗೂ ಮಾರುಕಟ್ಟೆ ಸೌಕರ್ಯ ಕಲ್ಪಿಸುವ ನಿಟ್ಟಿನಲ್ಲಿ ಹೊಸ ಯೋಜನೆಗಳನ್ನು ರೂಪಿಸಲಾಗುವುದು ಎಂದು ಅವರು ಹೇಳಿದರು. ಕಾರ್ಯಕ್ರಮದಲ್ಲಿ ನಿರ್ದೇಶಕರು, ಸದಸ್ಯರು ಹಾಗೂ ಸಾರ್ವಜನಿಕರು ಉಪಸ್ಥಿತರಿದ್ದರು.
